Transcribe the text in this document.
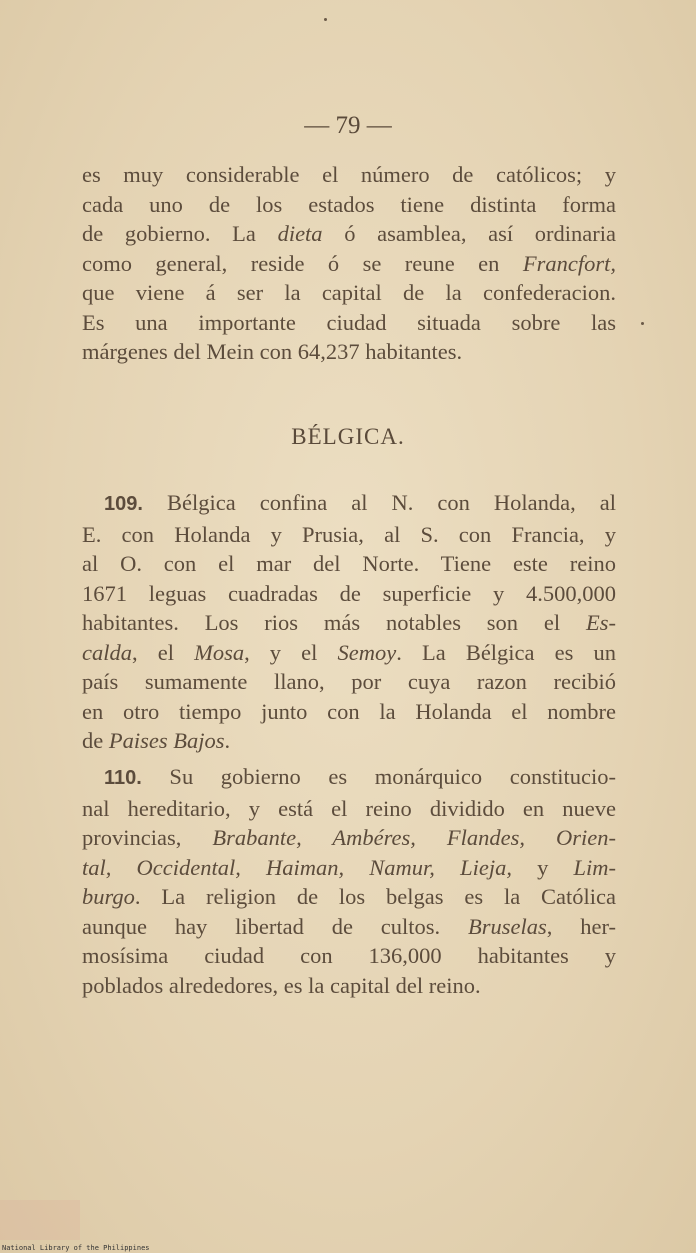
— 79 —
es muy considerable el número de católicos; y
cada uno de los estados tiene distinta forma
de gobierno. La dieta ó asamblea, así ordinaria
como general, reside ó se reune en Francfort,
que viene á ser la capital de la confederacion.
Es una importante ciudad situada sobre las
márgenes del Mein con 64,237 habitantes.
BÉLGICA.
109. Bélgica confina al N. con Holanda, al
E. con Holanda y Prusia, al S. con Francia, y
al O. con el mar del Norte. Tiene este reino
1671 leguas cuadradas de superficie y 4.500,000
habitantes. Los rios más notables son el Es-
calda, el Mosa, y el Semoy. La Bélgica es un
país sumamente llano, por cuya razon recibió
en otro tiempo junto con la Holanda el nombre
de Paises Bajos.
110. Su gobierno es monárquico constitucio-
nal hereditario, y está el reino dividido en nueve
provincias, Brabante, Ambéres, Flandes, Orien-
tal, Occidental, Haiman, Namur, Lieja, y Lim-
burgo. La religion de los belgas es la Católica
aunque hay libertad de cultos. Bruselas, her-
mosísima ciudad con 136,000 habitantes y
poblados alrededores, es la capital del reino.
National Library of the Philippines
